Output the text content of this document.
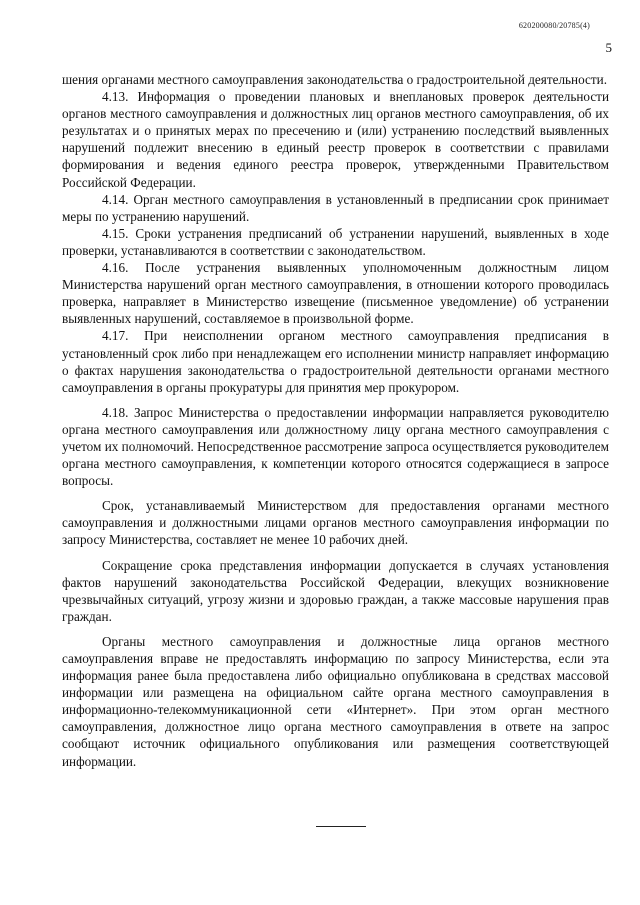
620200080/20785(4)
5

шения органами местного самоуправления законодательства о градостроительной деятельности.

4.13. Информация о проведении плановых и внеплановых проверок деятельности органов местного самоуправления и должностных лиц органов местного самоуправления, об их результатах и о принятых мерах по пресечению и (или) устранению последствий выявленных нарушений подлежит внесению в единый реестр проверок в соответствии с правилами формирования и ведения единого реестра проверок, утвержденными Правительством Российской Федерации.

4.14. Орган местного самоуправления в установленный в предписании срок принимает меры по устранению нарушений.

4.15. Сроки устранения предписаний об устранении нарушений, выявленных в ходе проверки, устанавливаются в соответствии с законодательством.

4.16. После устранения выявленных уполномоченным должностным лицом Министерства нарушений орган местного самоуправления, в отношении которого проводилась проверка, направляет в Министерство извещение (письменное уведомление) об устранении выявленных нарушений, составляемое в произвольной форме.

4.17. При неисполнении органом местного самоуправления предписания в установленный срок либо при ненадлежащем его исполнении министр направляет информацию о фактах нарушения законодательства о градостроительной деятельности органами местного самоуправления в органы прокуратуры для принятия мер прокурором.

4.18. Запрос Министерства о предоставлении информации направляется руководителю органа местного самоуправления или должностному лицу органа местного самоуправления с учетом их полномочий. Непосредственное рассмотрение запроса осуществляется руководителем органа местного самоуправления, к компетенции которого относятся содержащиеся в запросе вопросы.

Срок, устанавливаемый Министерством для предоставления органами местного самоуправления и должностными лицами органов местного самоуправления информации по запросу Министерства, составляет не менее 10 рабочих дней.

Сокращение срока представления информации допускается в случаях установления фактов нарушений законодательства Российской Федерации, влекущих возникновение чрезвычайных ситуаций, угрозу жизни и здоровью граждан, а также массовые нарушения прав граждан.

Органы местного самоуправления и должностные лица органов местного самоуправления вправе не предоставлять информацию по запросу Министерства, если эта информация ранее была предоставлена либо официально опубликована в средствах массовой информации или размещена на официальном сайте органа местного самоуправления в информационно-телекоммуникационной сети «Интернет». При этом орган местного самоуправления, должностное лицо органа местного самоуправления в ответе на запрос сообщают источник официального опубликования или размещения соответствующей информации.
